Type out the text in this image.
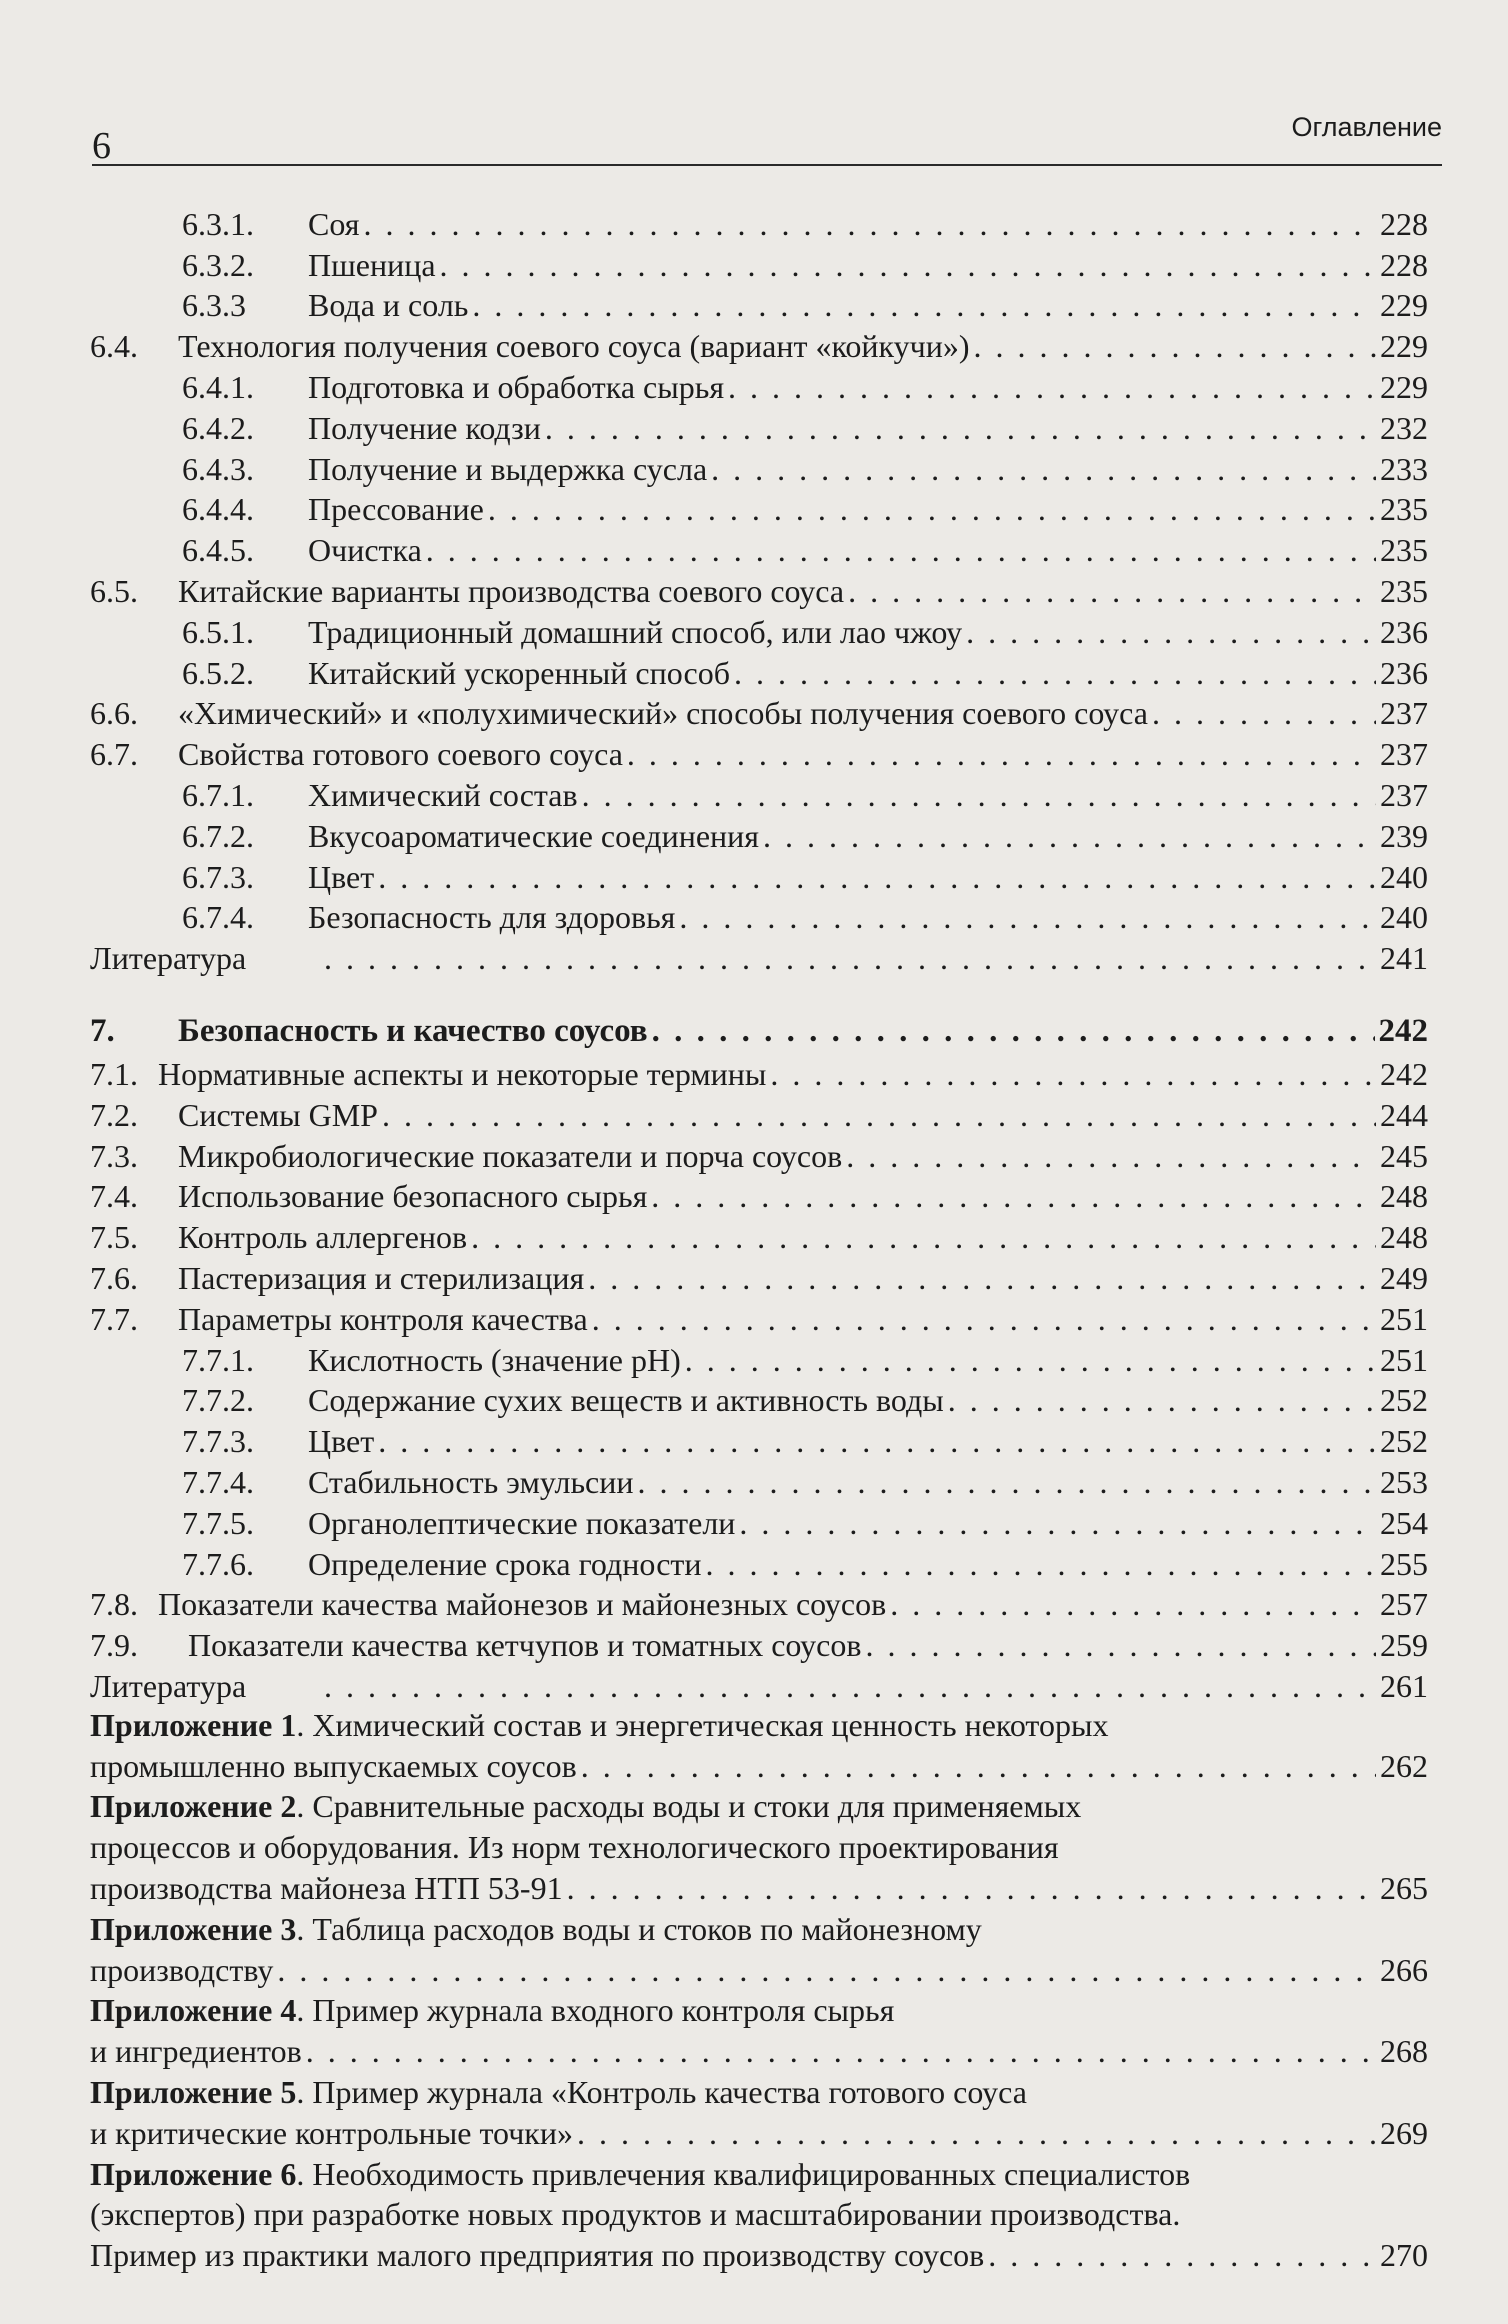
6	Оглавление
6.3.1.	Соя . . .	228
6.3.2.	Пшеница . . .	228
6.3.3	Вода и соль . . .	229
6.4.	Технология получения соевого соуса (вариант «койкучи») . . .	229
6.4.1.	Подготовка и обработка сырья . . .	229
6.4.2.	Получение кодзи . . .	232
6.4.3.	Получение и выдержка сусла . . .	233
6.4.4.	Прессование . . .	235
6.4.5.	Очистка . . .	235
6.5.	Китайские варианты производства соевого соуса . . .	235
6.5.1.	Традиционный домашний способ, или лао чжоу . . .	236
6.5.2.	Китайский ускоренный способ . . .	236
6.6.	«Химический» и «полухимический» способы получения соевого соуса . . .	237
6.7.	Свойства готового соевого соуса . . .	237
6.7.1.	Химический состав . . .	237
6.7.2.	Вкусоароматические соединения . . .	239
6.7.3.	Цвет . . .	240
6.7.4.	Безопасность для здоровья . . .	240
Литература . . .	241
7.	Безопасность и качество соусов . . .	242
7.1. Нормативные аспекты и некоторые термины . . .	242
7.2.	Системы GMP . . .	244
7.3.	Микробиологические показатели и порча соусов . . .	245
7.4.	Использование безопасного сырья . . .	248
7.5.	Контроль аллергенов . . .	248
7.6.	Пастеризация и стерилизация . . .	249
7.7.	Параметры контроля качества . . .	251
7.7.1.	Кислотность (значение pH) . . .	251
7.7.2.	Содержание сухих веществ и активность воды . . .	252
7.7.3.	Цвет . . .	252
7.7.4.	Стабильность эмульсии . . .	253
7.7.5.	Органолептические показатели . . .	254
7.7.6.	Определение срока годности . . .	255
7.8. Показатели качества майонезов и майонезных соусов . . .	257
7.9.	Показатели качества кетчупов и томатных соусов . . .	259
Литература . . .	261
Приложение 1. Химический состав и энергетическая ценность некоторых
промышленно выпускаемых соусов . . .	262
Приложение 2. Сравнительные расходы воды и стоки для применяемых
процессов и оборудования. Из норм технологического проектирования
производства майонеза НТП 53-91 . . .	265
Приложение 3. Таблица расходов воды и стоков по майонезному
производству . . .	266
Приложение 4. Пример журнала входного контроля сырья
и ингредиентов . . .	268
Приложение 5. Пример журнала «Контроль качества готового соуса
и критические контрольные точки» . . .	269
Приложение 6. Необходимость привлечения квалифицированных специалистов
(экспертов) при разработке новых продуктов и масштабировании производства.
Пример из практики малого предприятия по производству соусов . . .	270
